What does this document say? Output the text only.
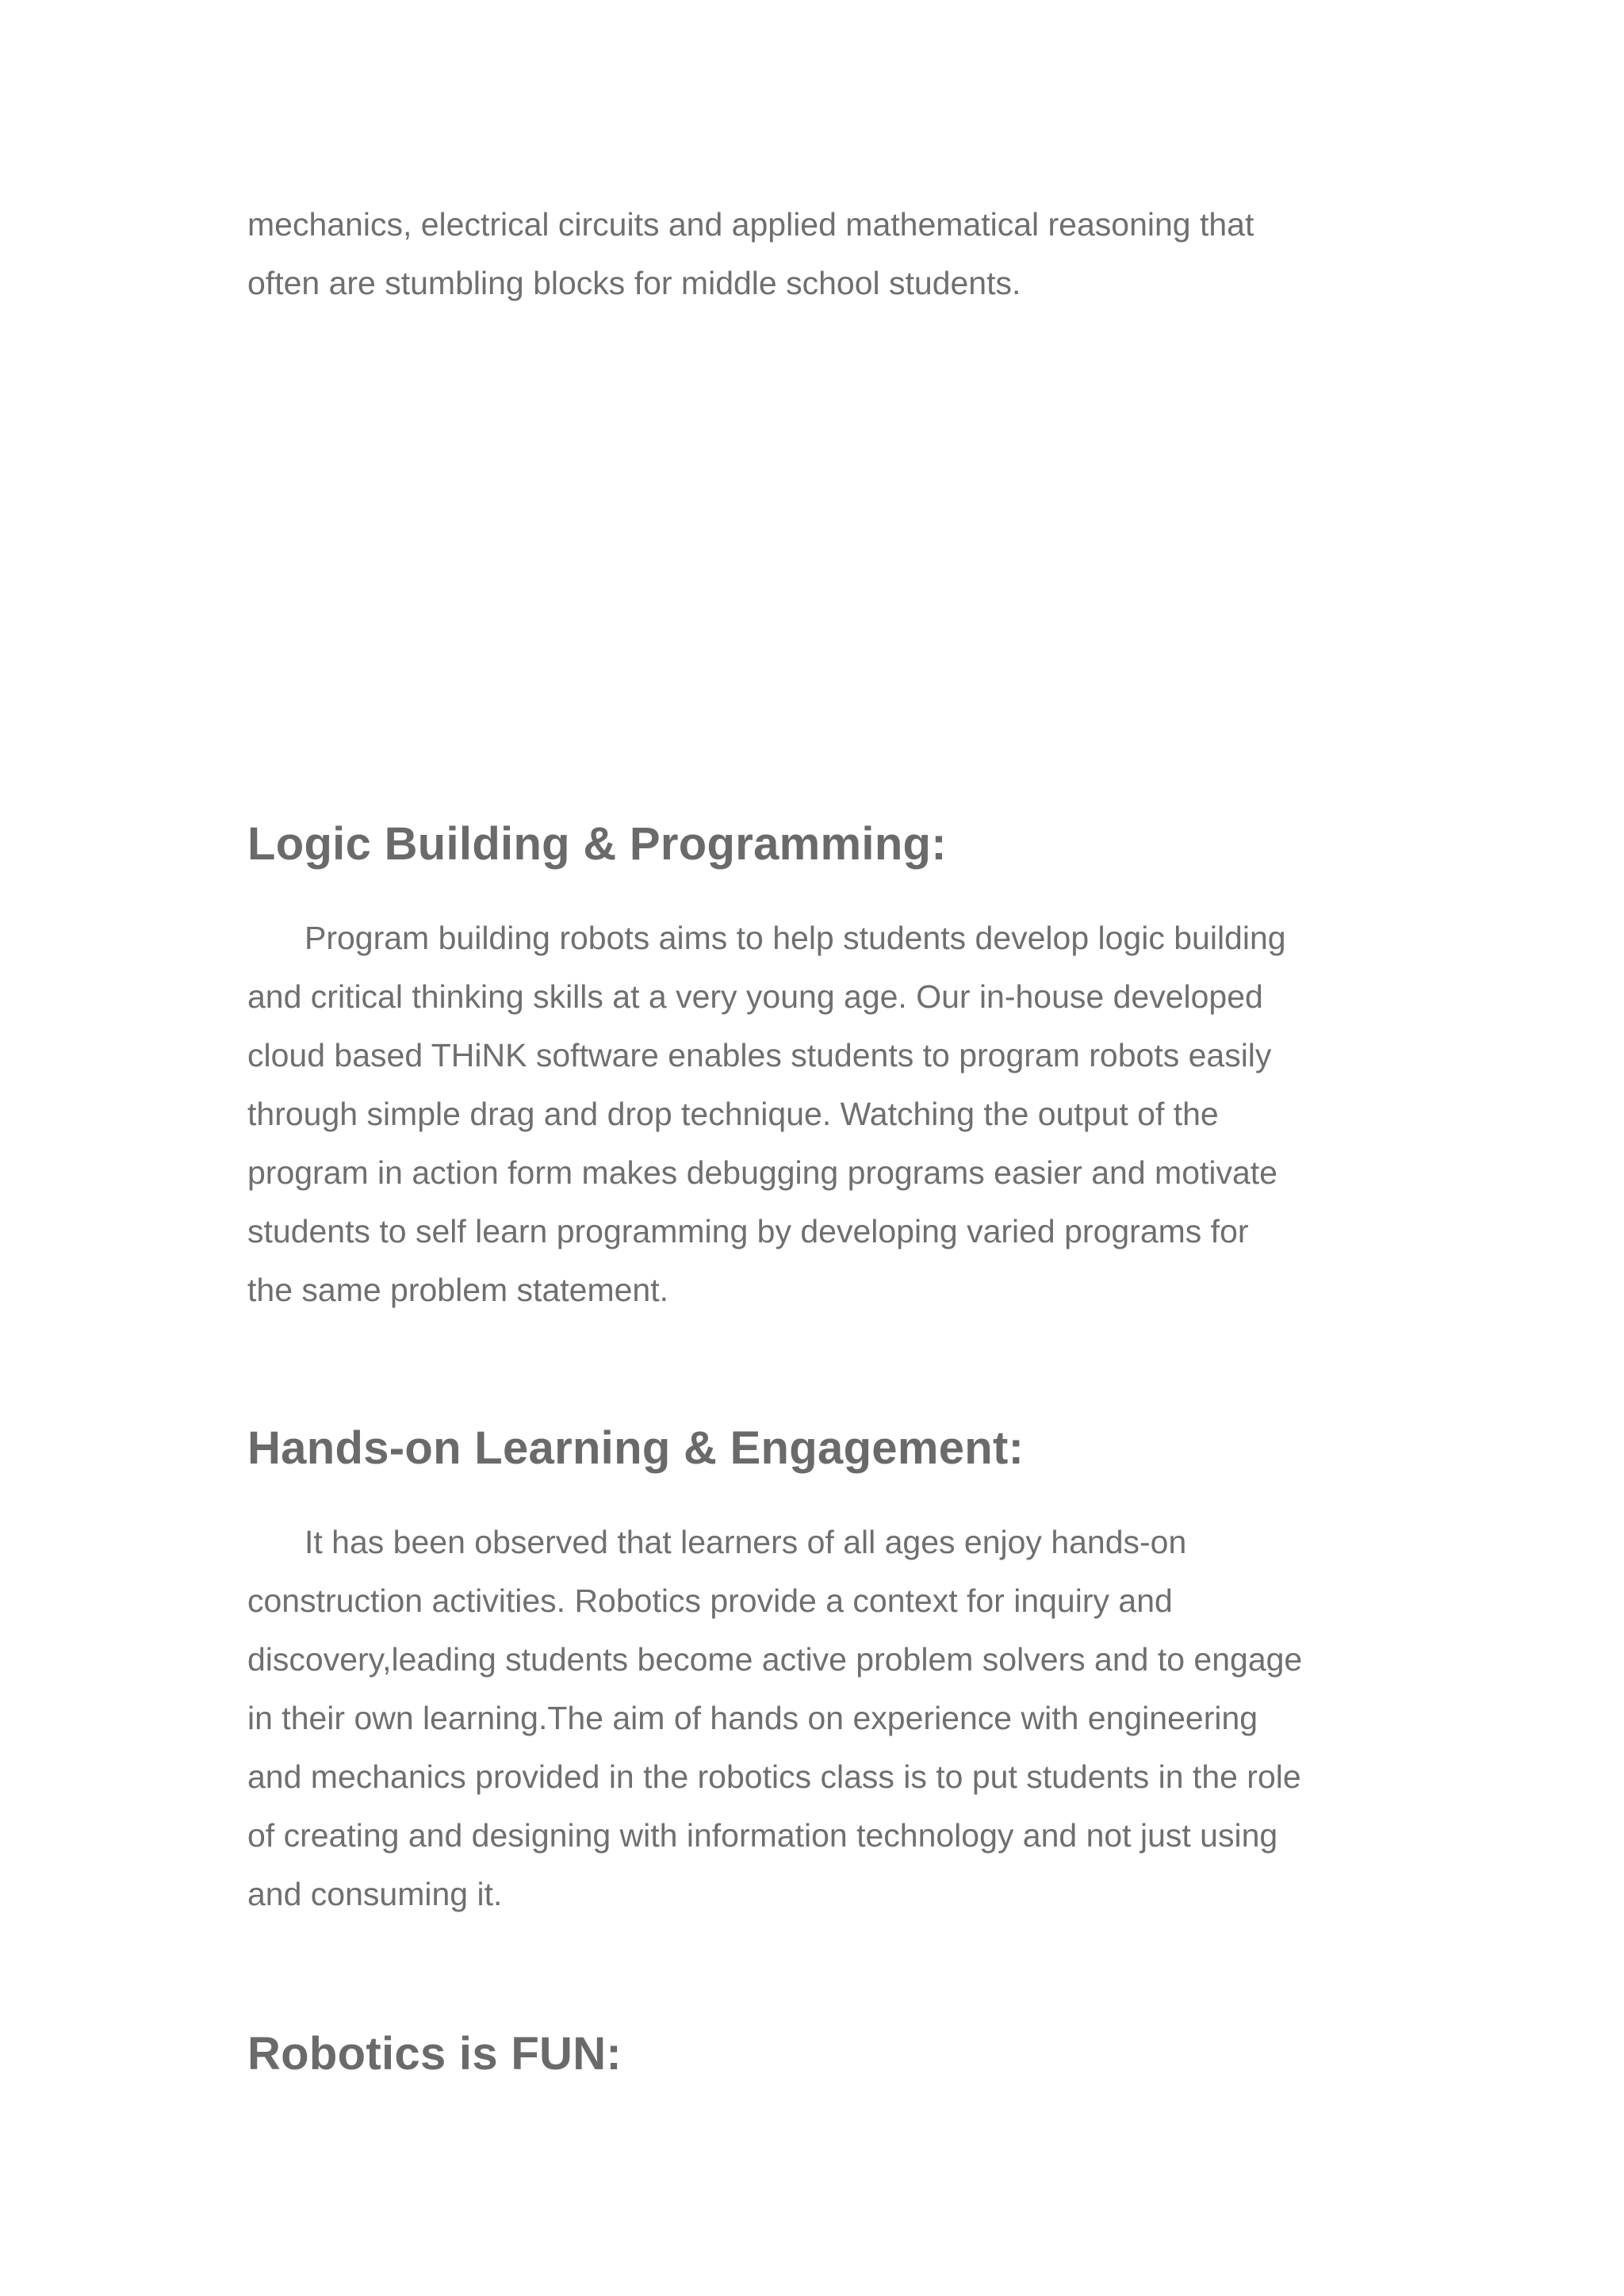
mechanics, electrical circuits and applied mathematical reasoning that
often are stumbling blocks for middle school students.

Logic Building & Programming:

Program building robots aims to help students develop logic building
and critical thinking skills at a very young age. Our in-house developed
cloud based THiNK software enables students to program robots easily
through simple drag and drop technique. Watching the output of the
program in action form makes debugging programs easier and motivate
students to self learn programming by developing varied programs for
the same problem statement.

Hands-on Learning & Engagement:

It has been observed that learners of all ages enjoy hands-on
construction activities. Robotics provide a context for inquiry and
discovery,leading students become active problem solvers and to engage
in their own learning.The aim of hands on experience with engineering
and mechanics provided in the robotics class is to put students in the role
of creating and designing with information technology and not just using
and consuming it.

Robotics is FUN:
